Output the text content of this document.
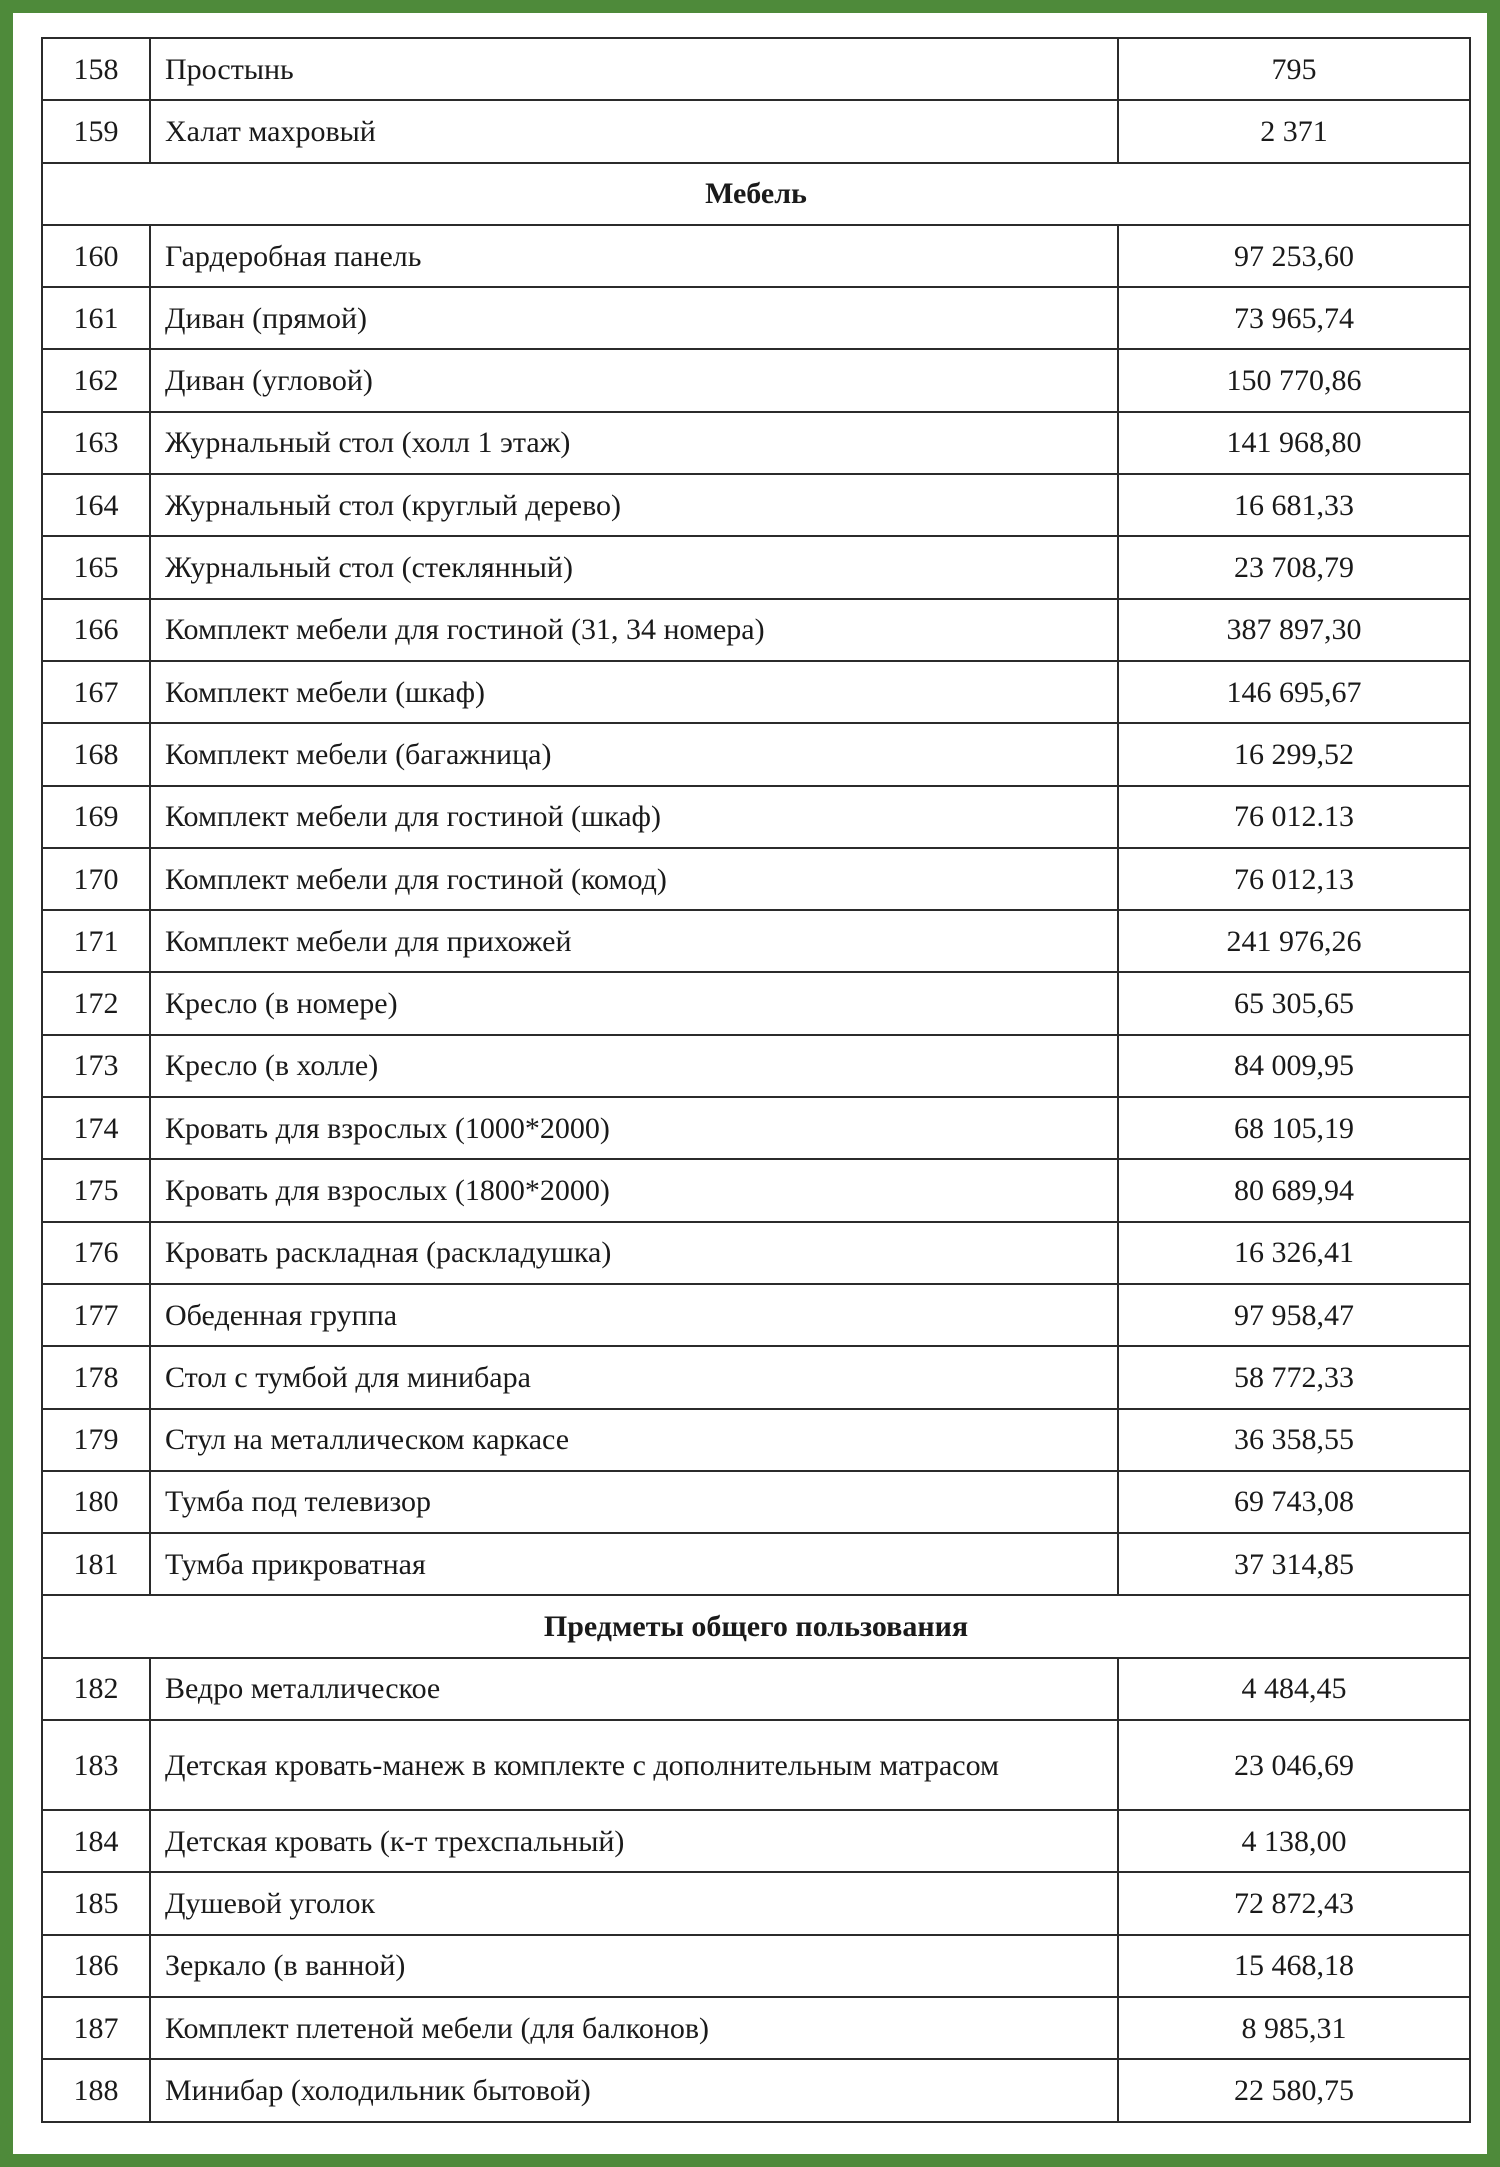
158	Простынь	795
159	Халат махровый	2 371
Мебель		
160	Гардеробная панель	97 253,60
161	Диван (прямой)	73 965,74
162	Диван (угловой)	150 770,86
163	Журнальный стол (холл 1 этаж)	141 968,80
164	Журнальный стол (круглый дерево)	16 681,33
165	Журнальный стол (стеклянный)	23 708,79
166	Комплект мебели для гостиной (31, 34 номера)	387 897,30
167	Комплект мебели (шкаф)	146 695,67
168	Комплект мебели (багажница)	16 299,52
169	Комплект мебели для гостиной (шкаф)	76 012.13
170	Комплект мебели для гостиной (комод)	76 012,13
171	Комплект мебели для прихожей	241 976,26
172	Кресло (в номере)	65 305,65
173	Кресло (в холле)	84 009,95
174	Кровать для взрослых (1000*2000)	68 105,19
175	Кровать для взрослых (1800*2000)	80 689,94
176	Кровать раскладная (раскладушка)	16 326,41
177	Обеденная группа	97 958,47
178	Стол с тумбой для минибара	58 772,33
179	Стул на металлическом каркасе	36 358,55
180	Тумба под телевизор	69 743,08
181	Тумба прикроватная	37 314,85
Предметы общего пользования		
182	Ведро металлическое	4 484,45
183	Детская кровать-манеж в комплекте с дополнительным матрасом	23 046,69
184	Детская кровать (к-т трехспальный)	4 138,00
185	Душевой уголок	72 872,43
186	Зеркало (в ванной)	15 468,18
187	Комплект плетеной мебели (для балконов)	8 985,31
188	Минибар (холодильник бытовой)	22 580,75
